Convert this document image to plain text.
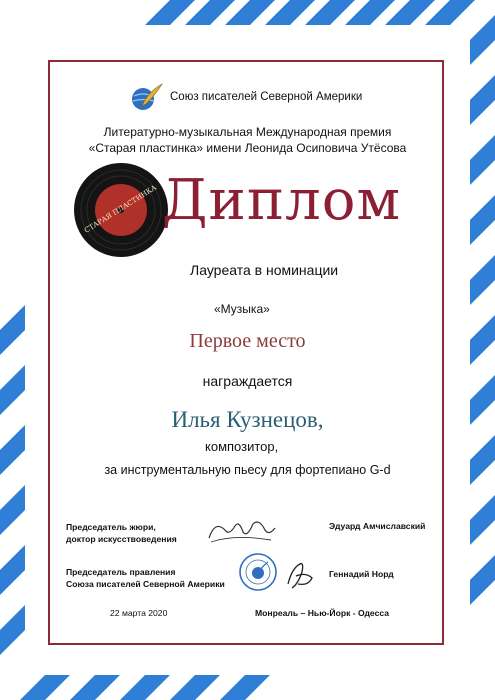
Союз писателей Северной Америки
Литературно-музыкальная Международная премия
«Старая пластинка» имени Леонида Осиповича Утёсова
СТАРАЯ ПЛАСТИНКА Диплом
Лауреата в номинации
«Музыка»
Первое место
награждается
Илья Кузнецов,
композитор,
за инструментальную пьесу для фортепиано G-d
Председатель жюри,
доктор искусствоведения
Эдуард Амчиславский
Председатель правления
Союза писателей Северной Америки
Геннадий Норд
22 марта 2020	Монреаль – Нью-Йорк - Одесса
